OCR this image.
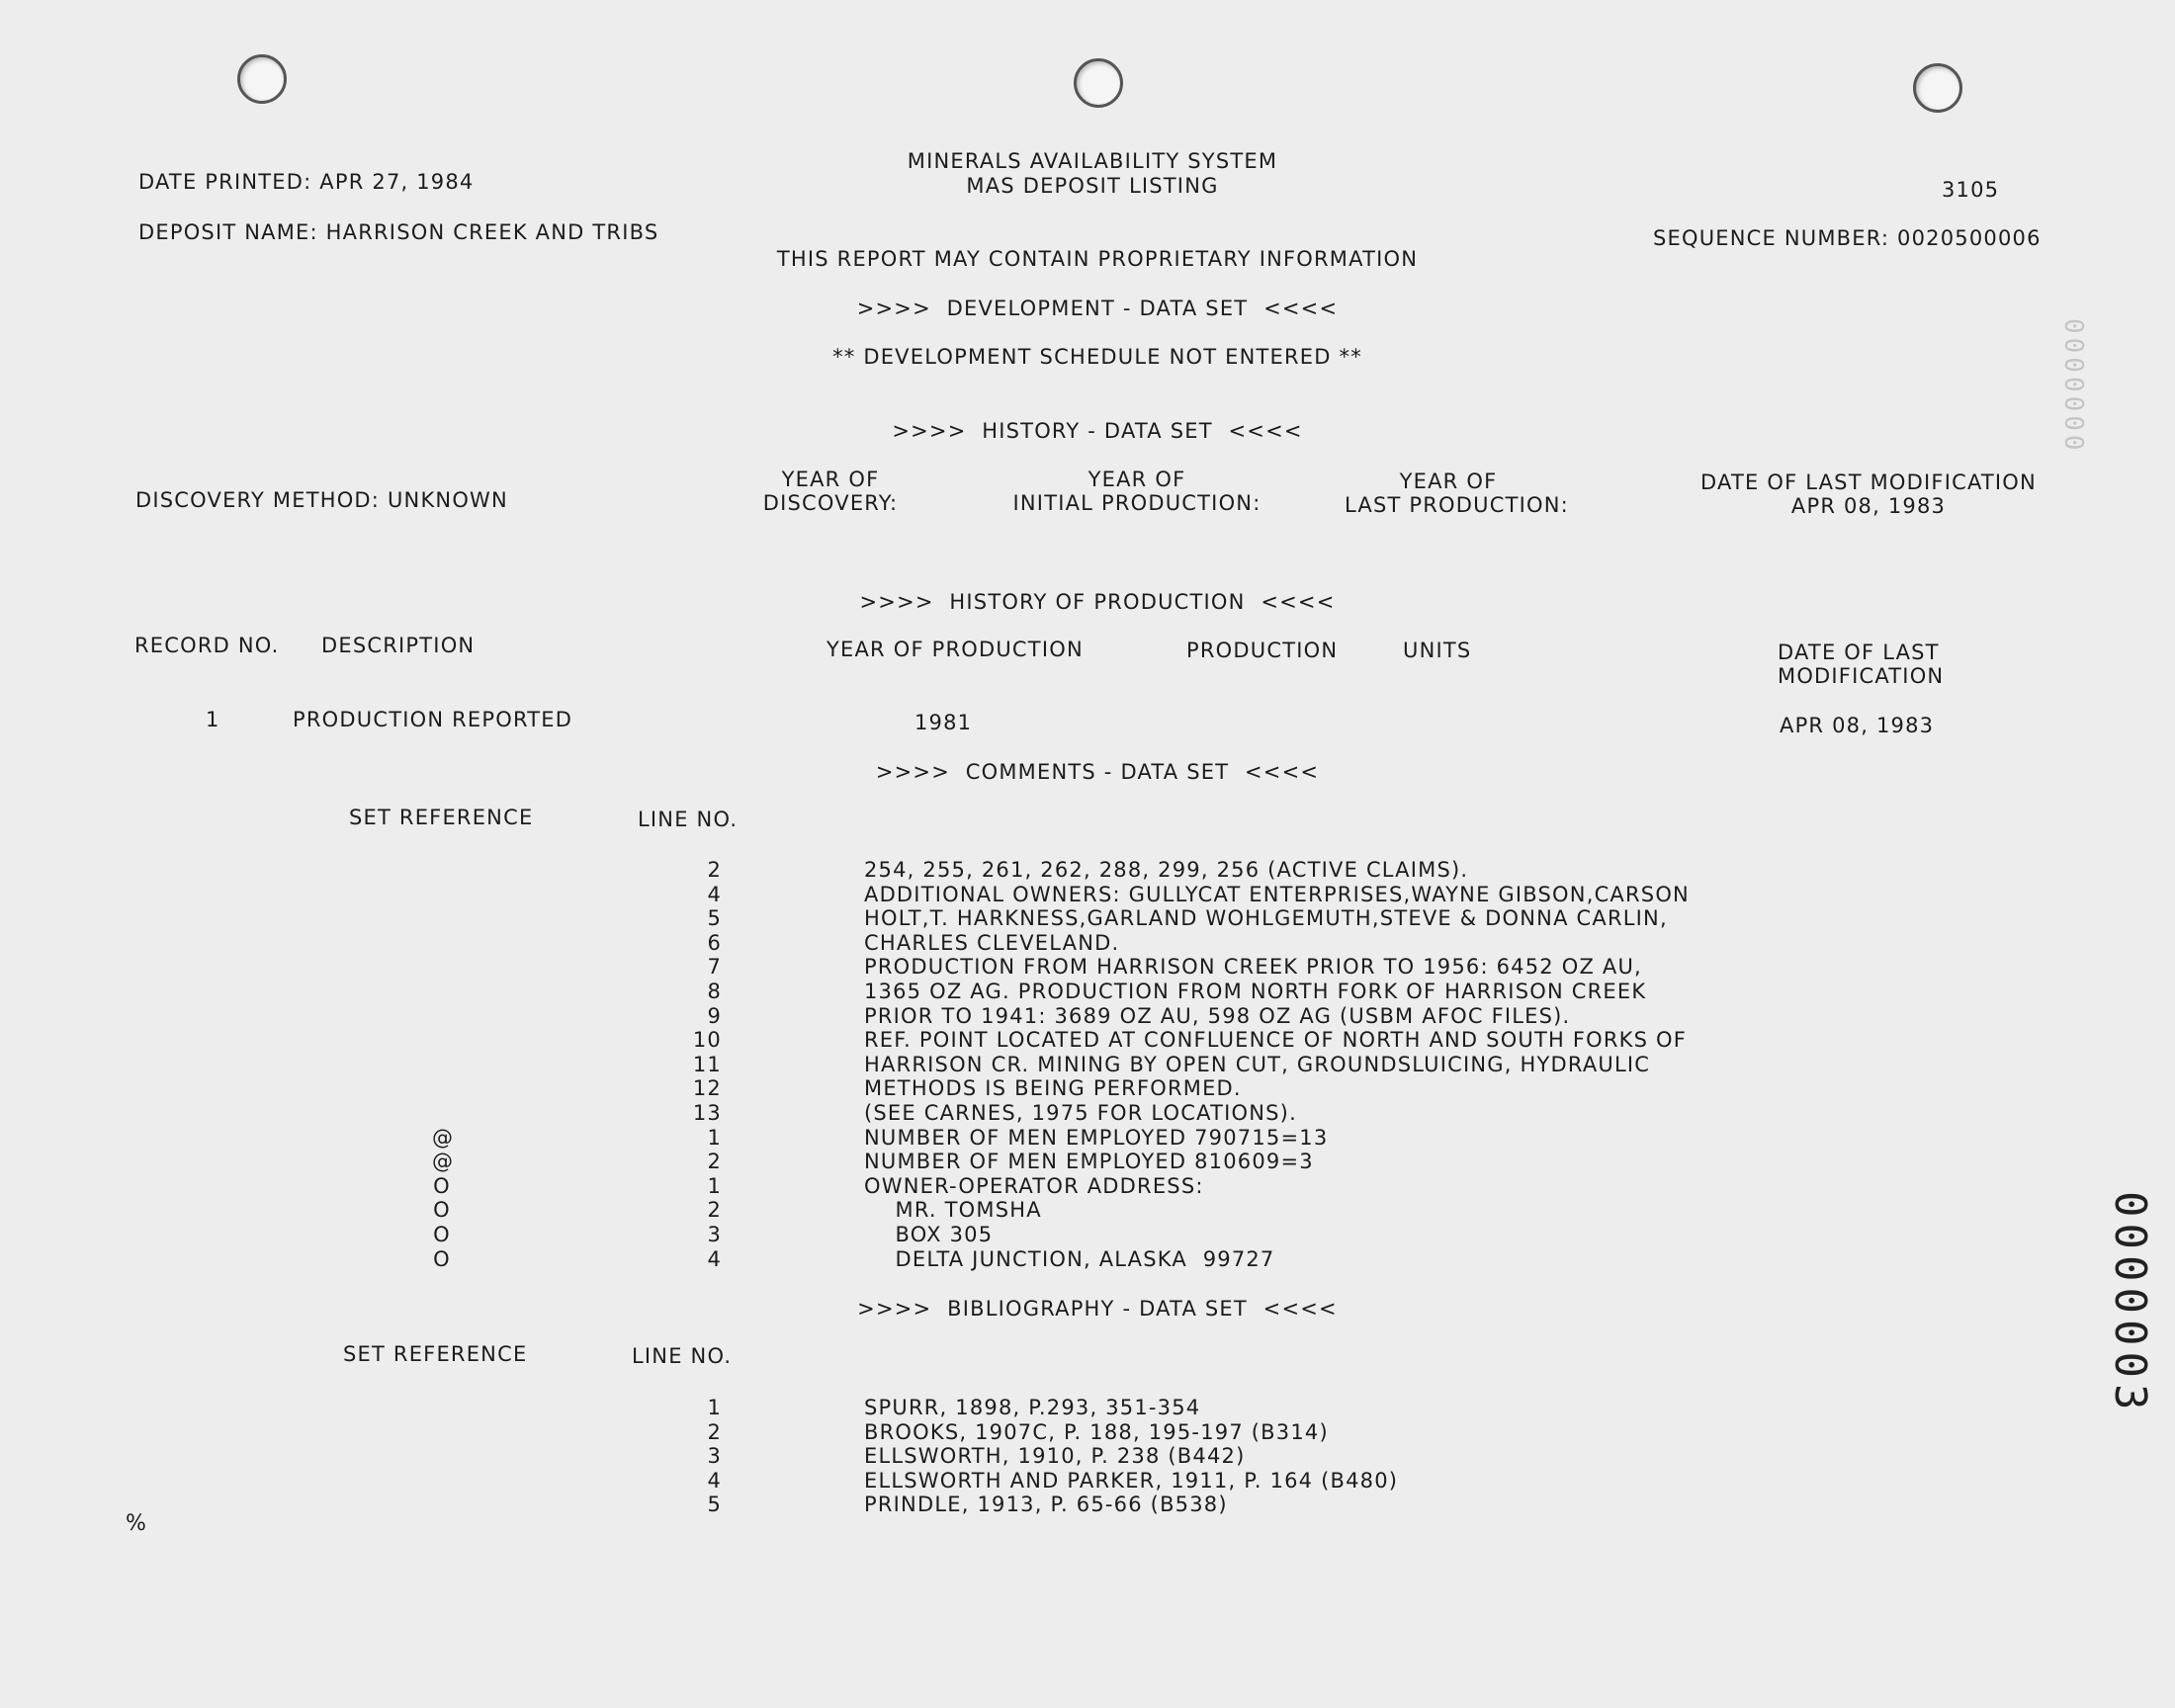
DATE PRINTED: APR 27, 1984
MINERALS AVAILABILITY SYSTEM
MAS DEPOSIT LISTING	3105
DEPOSIT NAME: HARRISON CREEK AND TRIBS	SEQUENCE NUMBER: 0020500006
THIS REPORT MAY CONTAIN PROPRIETARY INFORMATION
>>>>  DEVELOPMENT - DATA SET  <<<<
** DEVELOPMENT SCHEDULE NOT ENTERED **
>>>>  HISTORY - DATA SET  <<<<
DISCOVERY METHOD: UNKNOWN
YEAR OF
DISCOVERY:
YEAR OF
INITIAL PRODUCTION:
YEAR OF
LAST PRODUCTION:
DATE OF LAST MODIFICATION
APR 08, 1983
>>>>  HISTORY OF PRODUCTION  <<<<
RECORD NO. DESCRIPTION	YEAR OF PRODUCTION	PRODUCTION	UNITS	DATE OF LAST
MODIFICATION
1	PRODUCTION REPORTED	1981	APR 08, 1983
>>>>  COMMENTS - DATA SET  <<<<
SET REFERENCE	LINE NO.
2	254, 255, 261, 262, 288, 299, 256 (ACTIVE CLAIMS).
4	ADDITIONAL OWNERS: GULLYCAT ENTERPRISES,WAYNE GIBSON,CARSON
5	HOLT,T. HARKNESS,GARLAND WOHLGEMUTH,STEVE & DONNA CARLIN,
6	CHARLES CLEVELAND.
7	PRODUCTION FROM HARRISON CREEK PRIOR TO 1956: 6452 OZ AU,
8	1365 OZ AG. PRODUCTION FROM NORTH FORK OF HARRISON CREEK
9	PRIOR TO 1941: 3689 OZ AU, 598 OZ AG (USBM AFOC FILES).
10	REF. POINT LOCATED AT CONFLUENCE OF NORTH AND SOUTH FORKS OF
11	HARRISON CR. MINING BY OPEN CUT, GROUNDSLUICING, HYDRAULIC
12	METHODS IS BEING PERFORMED.
13	(SEE CARNES, 1975 FOR LOCATIONS).
@	1	NUMBER OF MEN EMPLOYED 790715=13
@	2	NUMBER OF MEN EMPLOYED 810609=3
O	1	OWNER-OPERATOR ADDRESS:
O	2	MR. TOMSHA
O	3	BOX 305
O	4	DELTA JUNCTION, ALASKA  99727
>>>>  BIBLIOGRAPHY - DATA SET  <<<<
SET REFERENCE	LINE NO.
1	SPURR, 1898, P.293, 351-354
2	BROOKS, 1907C, P. 188, 195-197 (B314)
3	ELLSWORTH, 1910, P. 238 (B442)
4	ELLSWORTH AND PARKER, 1911, P. 164 (B480)
5	PRINDLE, 1913, P. 65-66 (B538)
%
0000003
0000000
